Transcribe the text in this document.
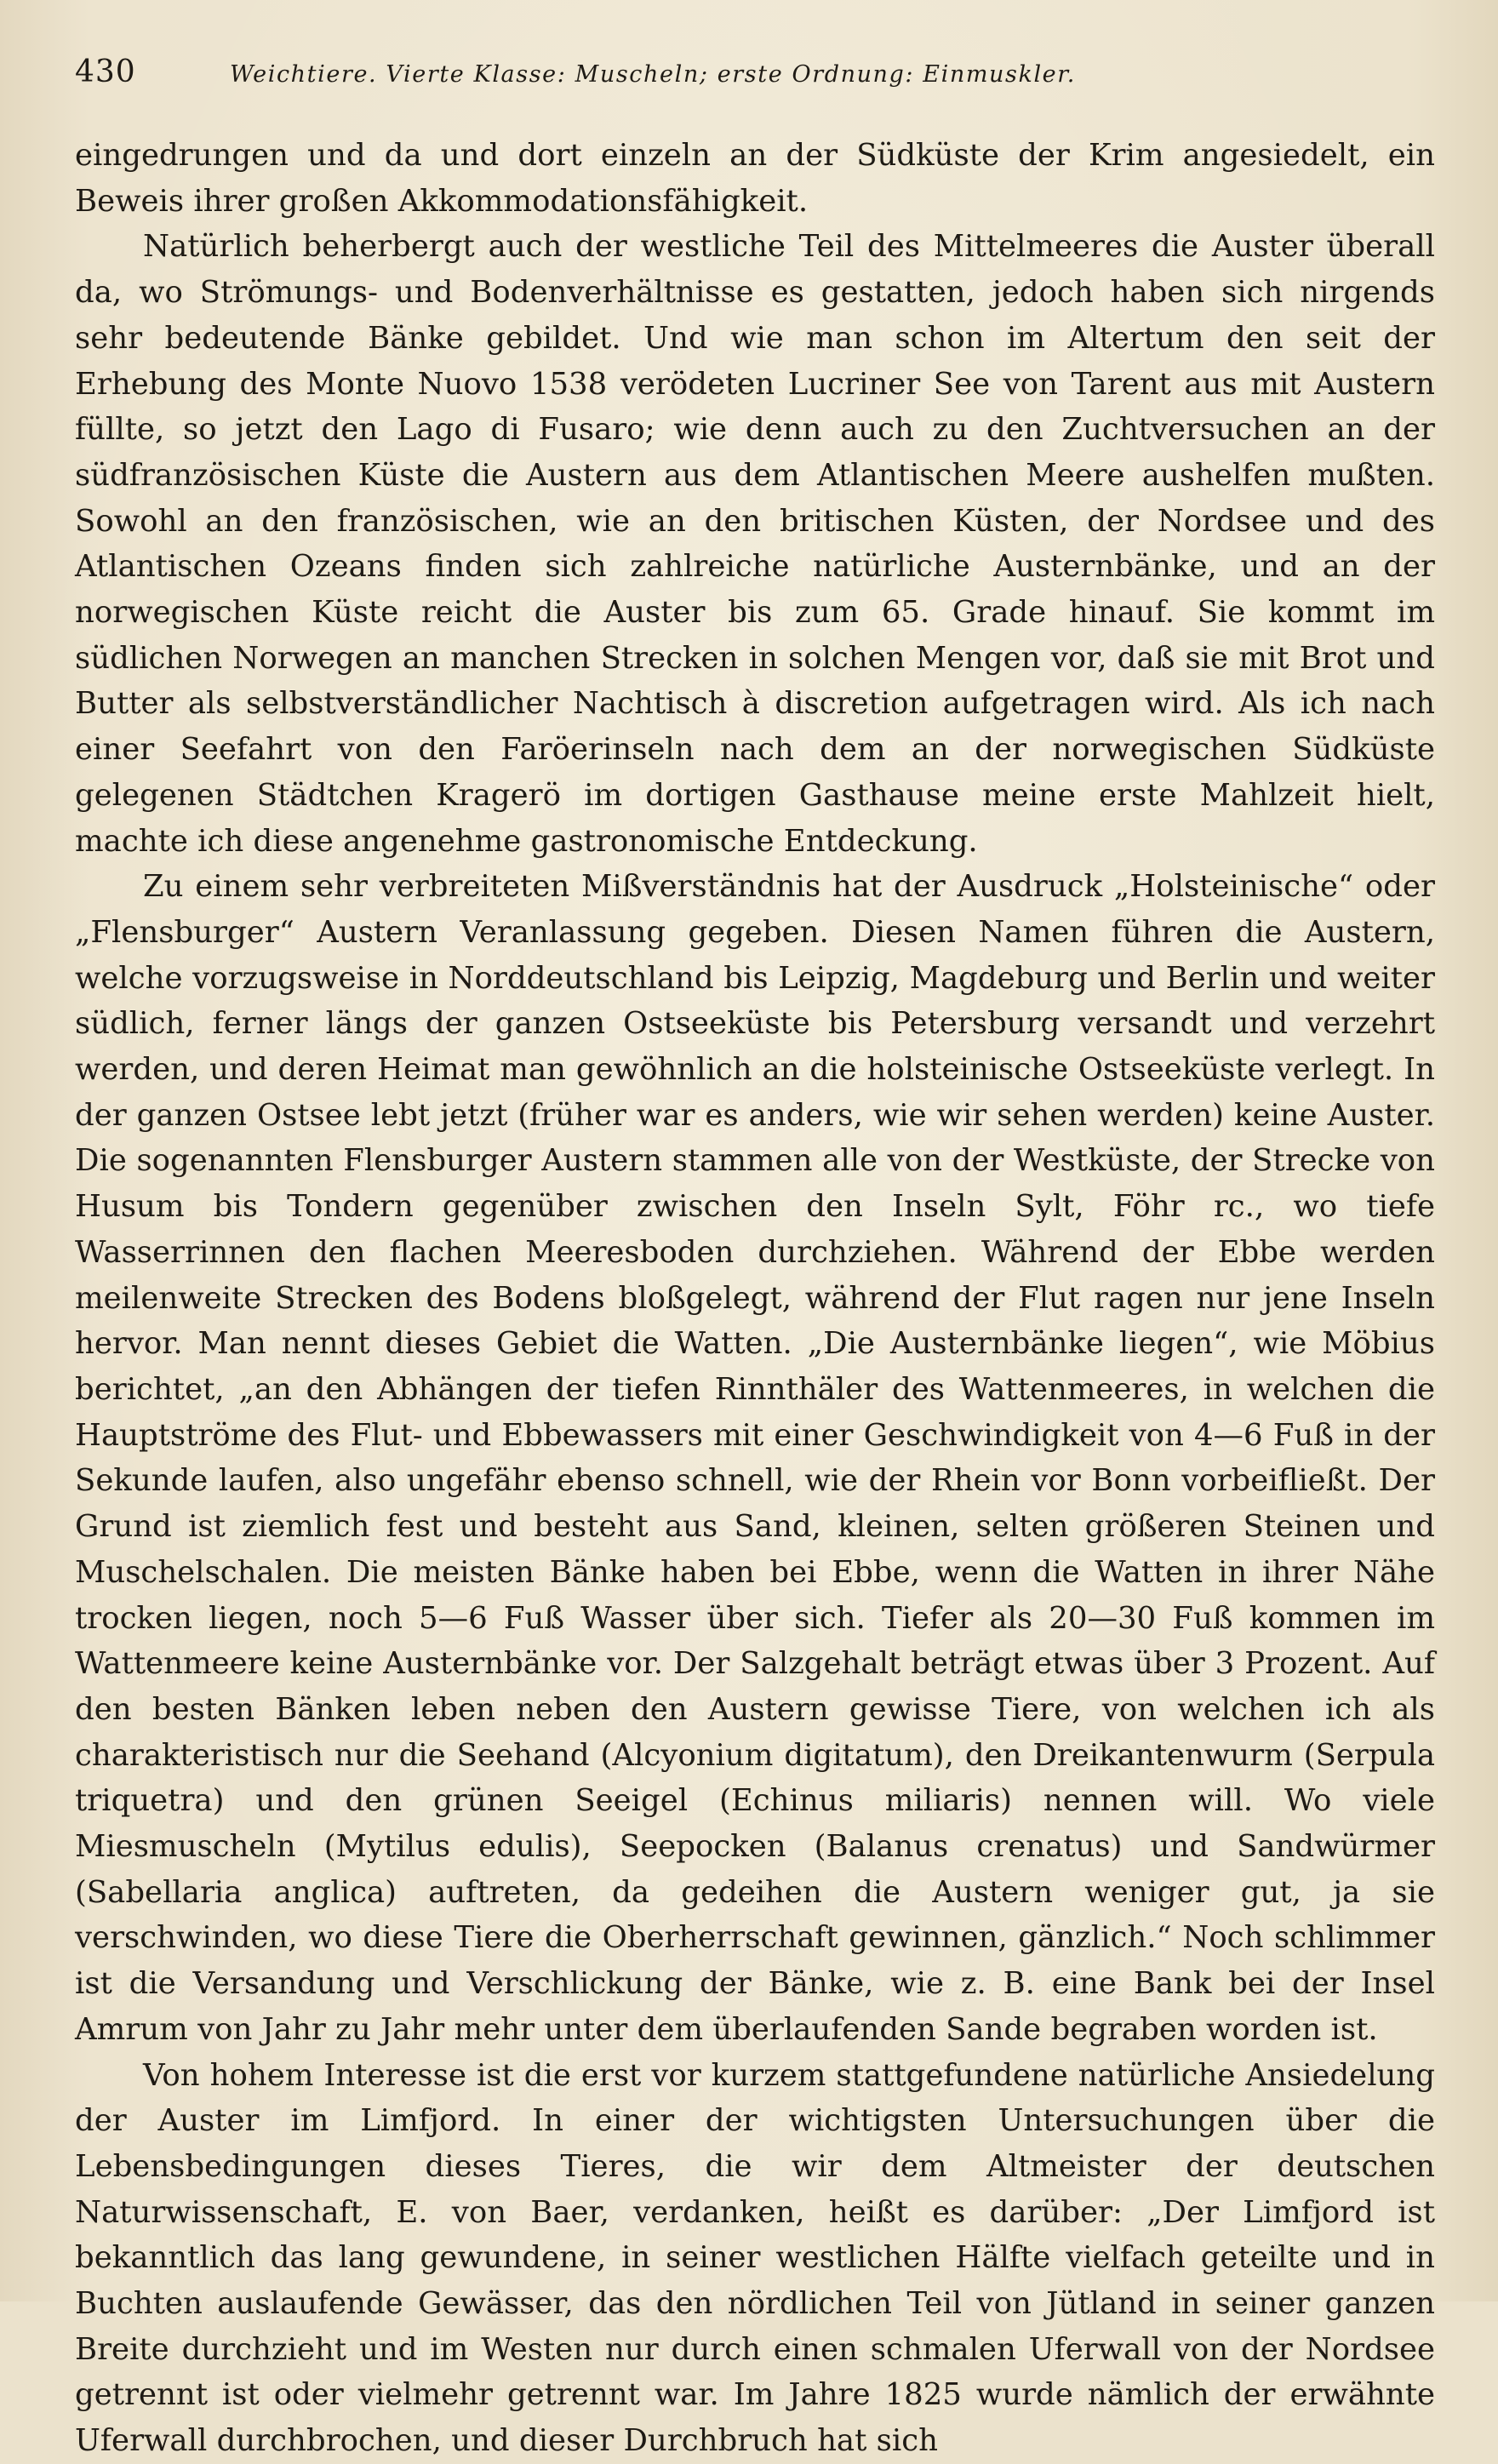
430	Weichtiere. Vierte Klasse: Muscheln; erste Ordnung: Einmuskler.

eingedrungen und da und dort einzeln an der Südküste der Krim angesiedelt, ein Beweis ihrer großen Akkommodationsfähigkeit.

Natürlich beherbergt auch der westliche Teil des Mittelmeeres die Auster überall da, wo Strömungs- und Bodenverhältnisse es gestatten, jedoch haben sich nirgends sehr bedeutende Bänke gebildet. Und wie man schon im Altertum den seit der Erhebung des Monte Nuovo 1538 verödeten Lucriner See von Tarent aus mit Austern füllte, so jetzt den Lago di Fusaro; wie denn auch zu den Zuchtversuchen an der südfranzösischen Küste die Austern aus dem Atlantischen Meere aushelfen mußten. Sowohl an den französischen, wie an den britischen Küsten, der Nordsee und des Atlantischen Ozeans finden sich zahlreiche natürliche Austernbänke, und an der norwegischen Küste reicht die Auster bis zum 65. Grade hinauf. Sie kommt im südlichen Norwegen an manchen Strecken in solchen Mengen vor, daß sie mit Brot und Butter als selbstverständlicher Nachtisch à discretion aufgetragen wird. Als ich nach einer Seefahrt von den Faröerinseln nach dem an der norwegischen Südküste gelegenen Städtchen Kragerö im dortigen Gasthause meine erste Mahlzeit hielt, machte ich diese angenehme gastronomische Entdeckung.

Zu einem sehr verbreiteten Mißverständnis hat der Ausdruck „Holsteinische“ oder „Flensburger“ Austern Veranlassung gegeben. Diesen Namen führen die Austern, welche vorzugsweise in Norddeutschland bis Leipzig, Magdeburg und Berlin und weiter südlich, ferner längs der ganzen Ostseeküste bis Petersburg versandt und verzehrt werden, und deren Heimat man gewöhnlich an die holsteinische Ostseeküste verlegt. In der ganzen Ostsee lebt jetzt (früher war es anders, wie wir sehen werden) keine Auster. Die sogenannten Flensburger Austern stammen alle von der Westküste, der Strecke von Husum bis Tondern gegenüber zwischen den Inseln Sylt, Föhr rc., wo tiefe Wasserrinnen den flachen Meeresboden durchziehen. Während der Ebbe werden meilenweite Strecken des Bodens bloßgelegt, während der Flut ragen nur jene Inseln hervor. Man nennt dieses Gebiet die Watten. „Die Austernbänke liegen“, wie Möbius berichtet, „an den Abhängen der tiefen Rinnthäler des Wattenmeeres, in welchen die Hauptströme des Flut- und Ebbewassers mit einer Geschwindigkeit von 4—6 Fuß in der Sekunde laufen, also ungefähr ebenso schnell, wie der Rhein vor Bonn vorbeifließt. Der Grund ist ziemlich fest und besteht aus Sand, kleinen, selten größeren Steinen und Muschelschalen. Die meisten Bänke haben bei Ebbe, wenn die Watten in ihrer Nähe trocken liegen, noch 5—6 Fuß Wasser über sich. Tiefer als 20—30 Fuß kommen im Wattenmeere keine Austernbänke vor. Der Salzgehalt beträgt etwas über 3 Prozent. Auf den besten Bänken leben neben den Austern gewisse Tiere, von welchen ich als charakteristisch nur die Seehand (Alcyonium digitatum), den Dreikantenwurm (Serpula triquetra) und den grünen Seeigel (Echinus miliaris) nennen will. Wo viele Miesmuscheln (Mytilus edulis), Seepocken (Balanus crenatus) und Sandwürmer (Sabellaria anglica) auftreten, da gedeihen die Austern weniger gut, ja sie verschwinden, wo diese Tiere die Oberherrschaft gewinnen, gänzlich.“ Noch schlimmer ist die Versandung und Verschlickung der Bänke, wie z. B. eine Bank bei der Insel Amrum von Jahr zu Jahr mehr unter dem überlaufenden Sande begraben worden ist.

Von hohem Interesse ist die erst vor kurzem stattgefundene natürliche Ansiedelung der Auster im Limfjord. In einer der wichtigsten Untersuchungen über die Lebensbedingungen dieses Tieres, die wir dem Altmeister der deutschen Naturwissenschaft, E. von Baer, verdanken, heißt es darüber: „Der Limfjord ist bekanntlich das lang gewundene, in seiner westlichen Hälfte vielfach geteilte und in Buchten auslaufende Gewässer, das den nördlichen Teil von Jütland in seiner ganzen Breite durchzieht und im Westen nur durch einen schmalen Uferwall von der Nordsee getrennt ist oder vielmehr getrennt war. Im Jahre 1825 wurde nämlich der erwähnte Uferwall durchbrochen, und dieser Durchbruch hat sich
